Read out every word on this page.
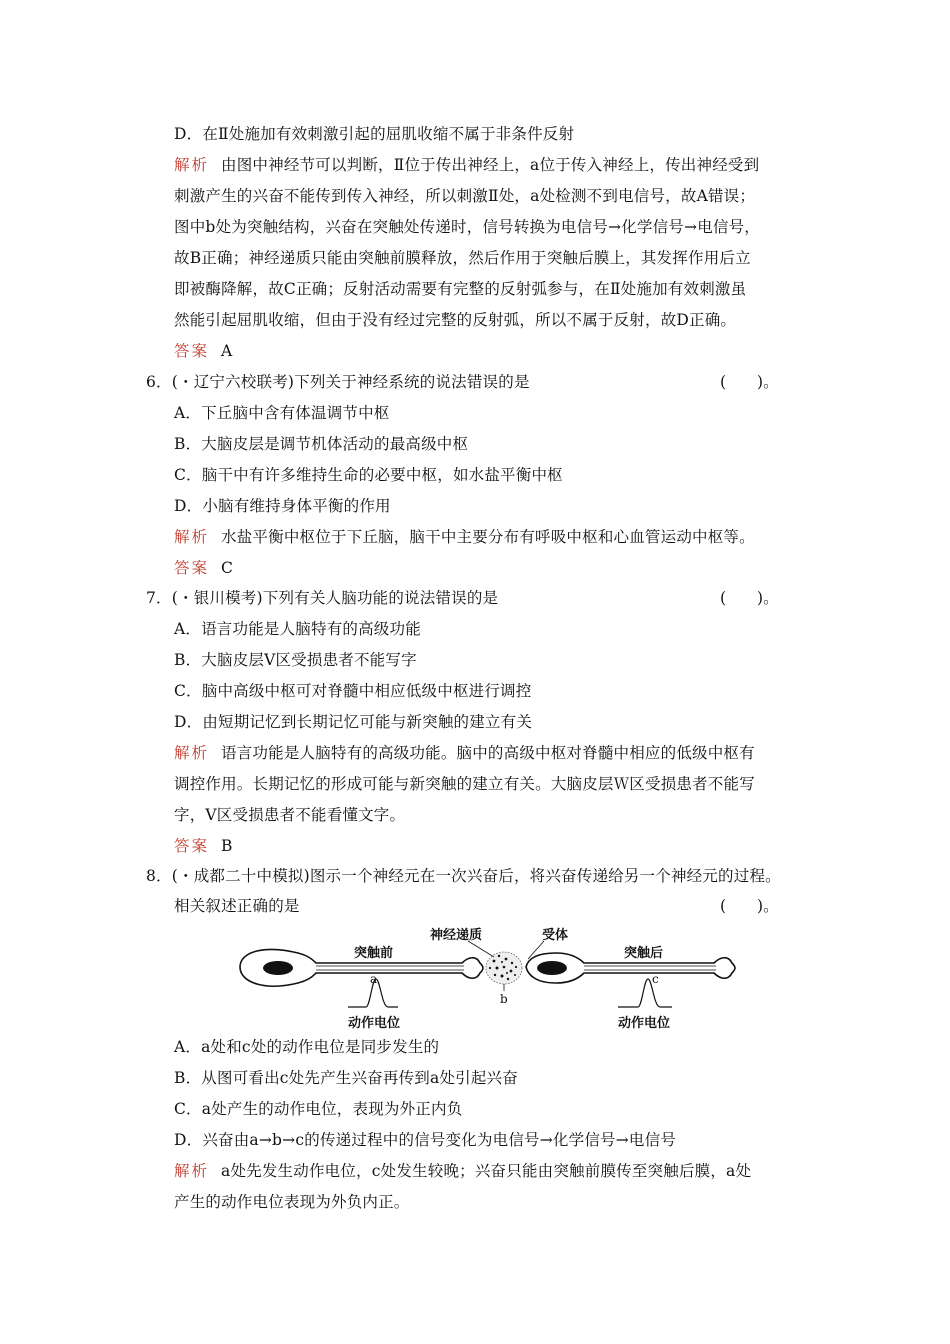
D．在Ⅱ处施加有效刺激引起的屈肌收缩不属于非条件反射
解析 由图中神经节可以判断，Ⅱ位于传出神经上，a位于传入神经上，传出神经受到
刺激产生的兴奋不能传到传入神经，所以刺激Ⅱ处，a处检测不到电信号，故A错误；
图中b处为突触结构，兴奋在突触处传递时，信号转换为电信号→化学信号→电信号，
故B正确；神经递质只能由突触前膜释放，然后作用于突触后膜上，其发挥作用后立
即被酶降解，故C正确；反射活动需要有完整的反射弧参与，在Ⅱ处施加有效刺激虽
然能引起屈肌收缩，但由于没有经过完整的反射弧，所以不属于反射，故D正确。
答案 A
6．(・辽宁六校联考)下列关于神经系统的说法错误的是	(　　)。
A．下丘脑中含有体温调节中枢
B．大脑皮层是调节机体活动的最高级中枢
C．脑干中有许多维持生命的必要中枢，如水盐平衡中枢
D．小脑有维持身体平衡的作用
解析 水盐平衡中枢位于下丘脑，脑干中主要分布有呼吸中枢和心血管运动中枢等。
答案 C
7．(・银川模考)下列有关人脑功能的说法错误的是	(　　)。
A．语言功能是人脑特有的高级功能
B．大脑皮层Ⅴ区受损患者不能写字
C．脑中高级中枢可对脊髓中相应低级中枢进行调控
D．由短期记忆到长期记忆可能与新突触的建立有关
解析 语言功能是人脑特有的高级功能。脑中的高级中枢对脊髓中相应的低级中枢有
调控作用。长期记忆的形成可能与新突触的建立有关。大脑皮层Ｗ区受损患者不能写
字，Ⅴ区受损患者不能看懂文字。
答案 B
8．(・成都二十中模拟)图示一个神经元在一次兴奋后，将兴奋传递给另一个神经元的过程。
相关叙述正确的是	(　　)。
神经递质	受体
突触前	突触后
a
b
c
动作电位	动作电位
A．a处和c处的动作电位是同步发生的
B．从图可看出c处先产生兴奋再传到a处引起兴奋
C．a处产生的动作电位，表现为外正内负
D．兴奋由a→b→c的传递过程中的信号变化为电信号→化学信号→电信号
解析 a处先发生动作电位，c处发生较晚；兴奋只能由突触前膜传至突触后膜，a处
产生的动作电位表现为外负内正。
